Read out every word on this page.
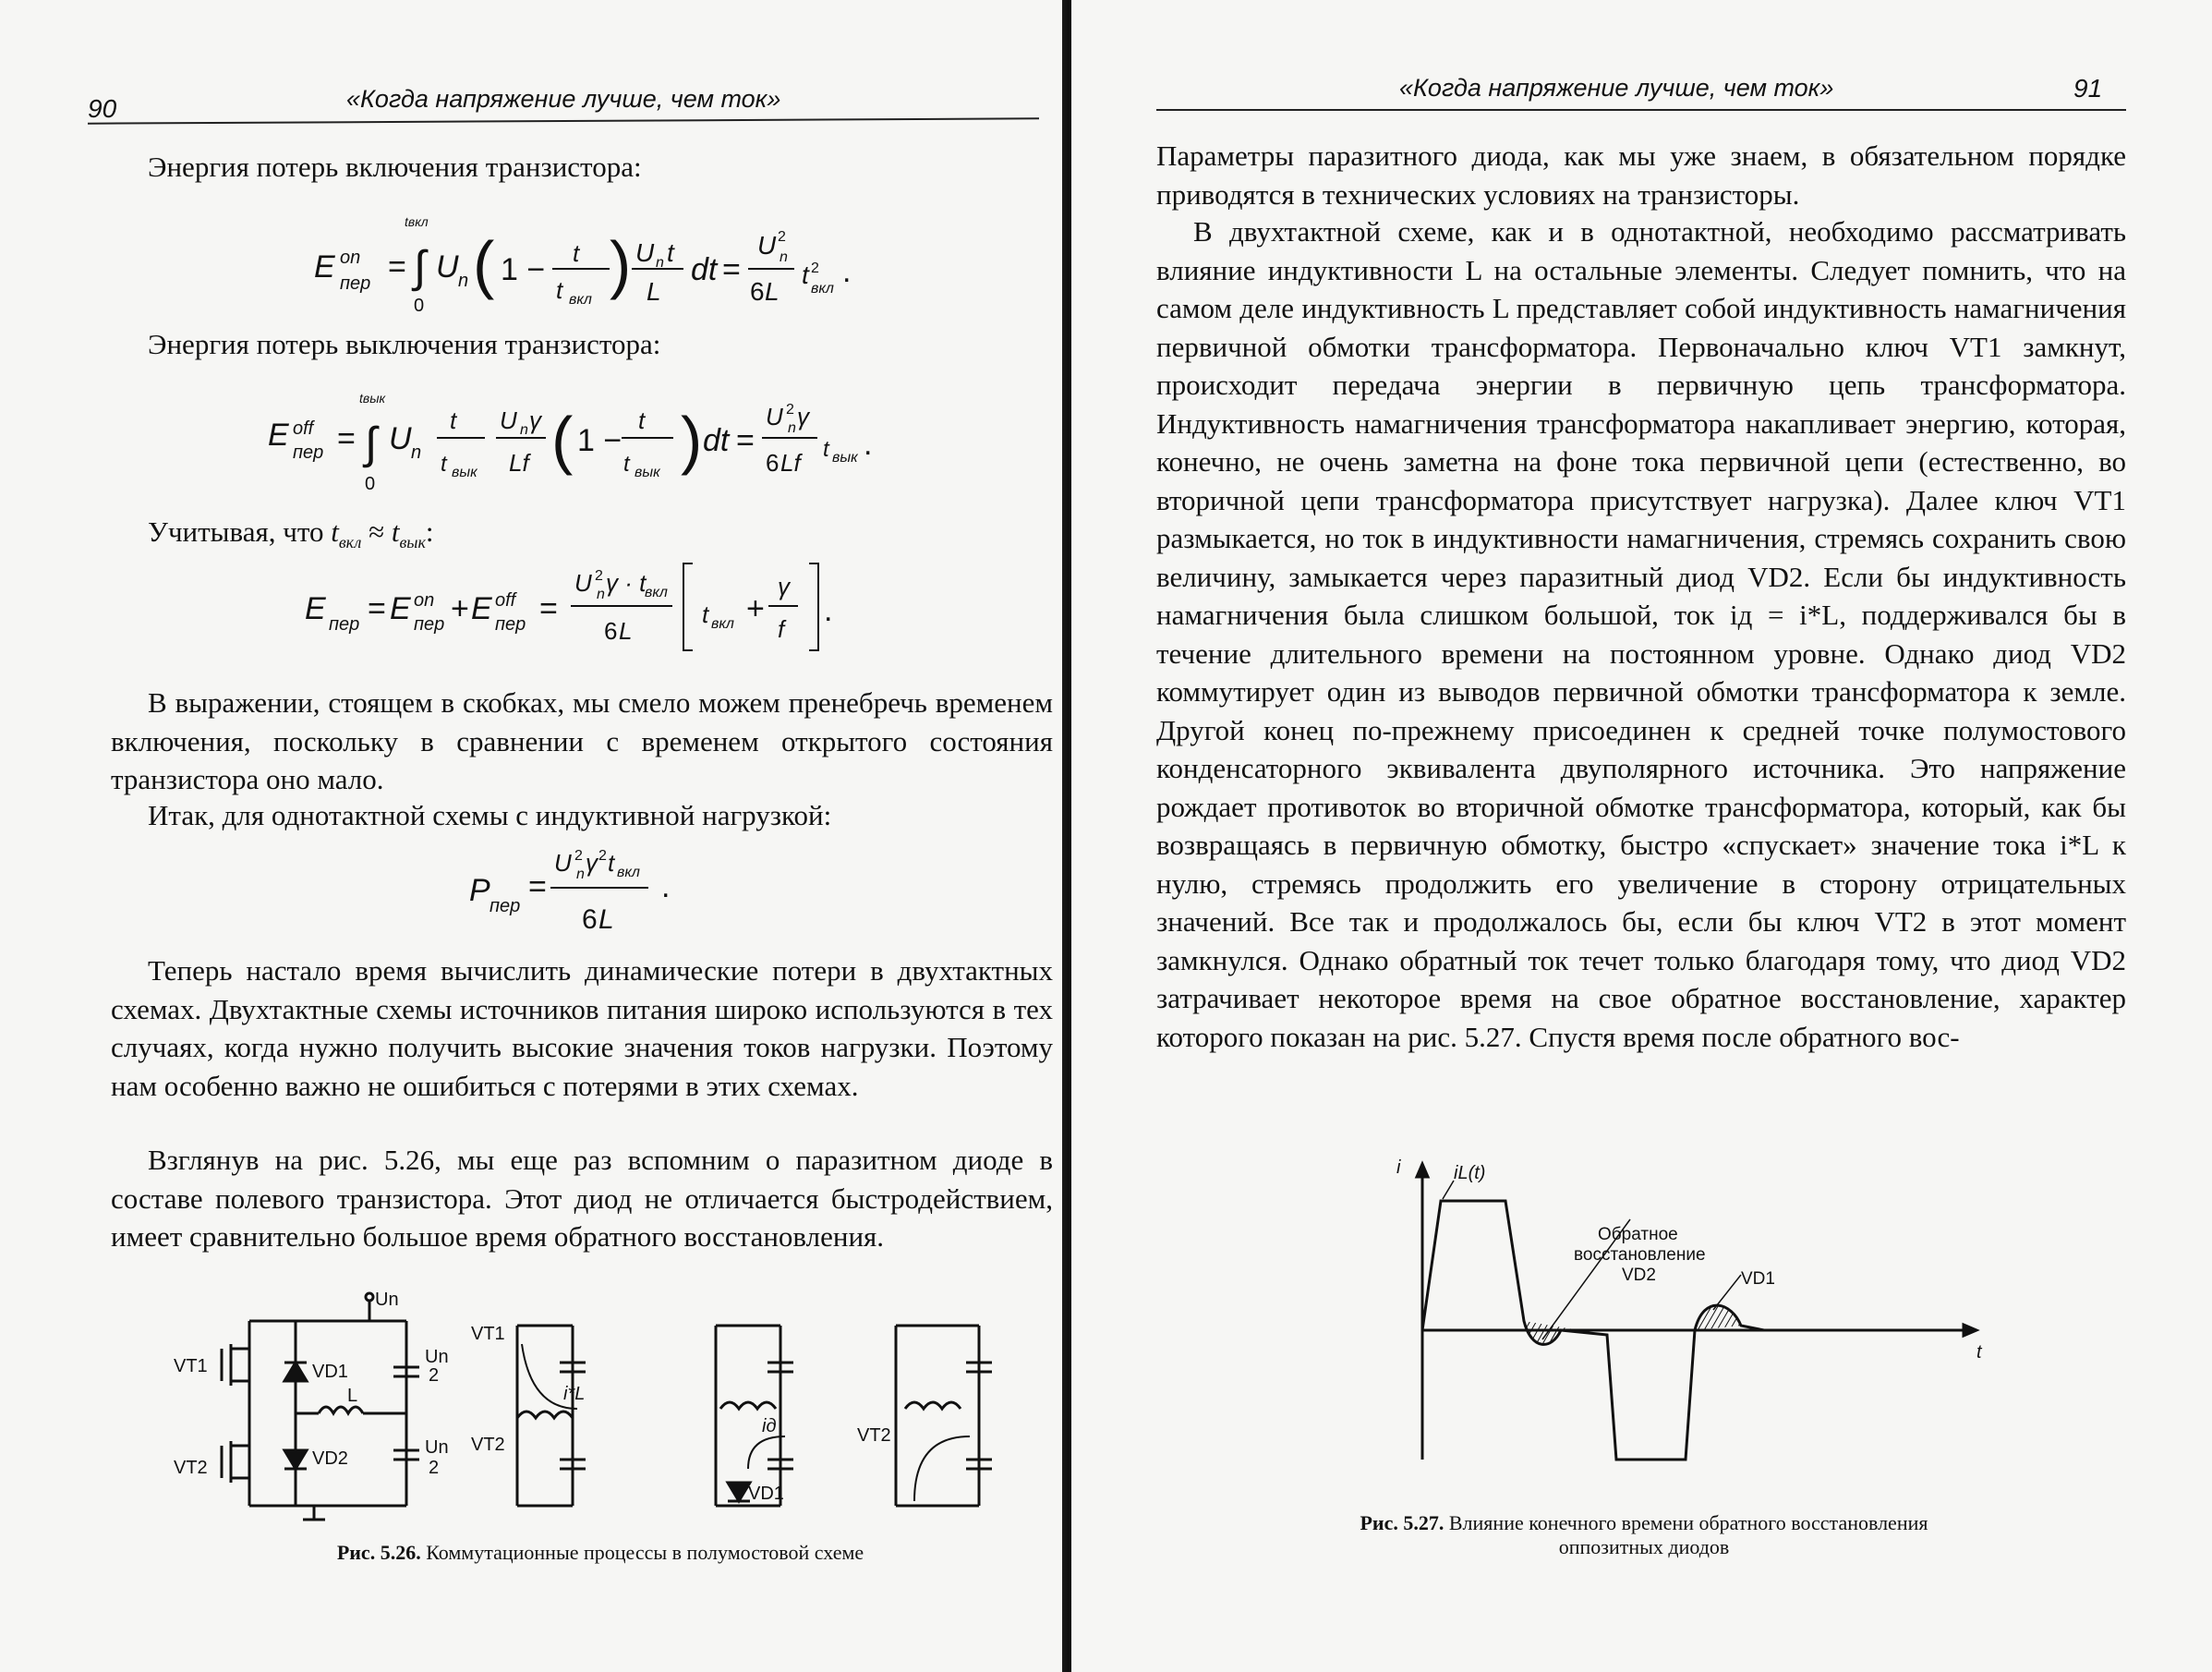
90	«Когда напряжение лучше, чем ток»
Энергия потерь включения транзистора:
E on
пер = ∫
tвкл
0
U n ( 1 − t
t вкл ) U n t
L
dt =
U 2
n
6 L
t 2
вкл .
Энергия потерь выключения транзистора:
E off
пер = ∫
tвык
0
U n
t
t вык
U n γ
Lf ( 1 −
t
t вык ) dt =
U 2
n γ
6 Lf t вык .
Учитывая, что $t_{вкл} \approx t_{вык}$:
E пер = E on
пер + E off
пер =
U 2
n γ · t
вкл
6 L
t вкл +
γ
f
.
В выражении, стоящем в скобках, мы смело можем пренебречь временем включения, поскольку в сравнении с временем открытого состояния транзистора оно мало.
Итак, для однотактной схемы с индуктивной нагрузкой:
P пер
=
U 2
n γ 2 t вкл
6 L
.
Теперь настало время вычислить динамические потери в двухтактных схемах. Двухтактные схемы источников питания широко используются в тех случаях, когда нужно получить высокие значения токов нагрузки. Поэтому нам особенно важно не ошибиться с потерями в этих схемах.
Взглянув на рис. 5.26, мы еще раз вспомним о паразитном диоде в составе полевого транзистора. Этот диод не отличается быстродействием, имеет сравнительно большое время обратного восстановления.
Un
VT1
VT2
VD1
VD2
L
Un
2
Un
2
VT1
VT2
i*L
iд
VD1
VT2
Рис. 5.26. Коммутационные процессы в полумостовой схеме
«Когда напряжение лучше, чем ток»	91
Параметры паразитного диода, как мы уже знаем, в обязательном порядке приводятся в технических условиях на транзисторы.
В двухтактной схеме, как и в однотактной, необходимо рассматривать влияние индуктивности L на остальные элементы. Следует помнить, что на самом деле индуктивность L представляет собой индуктивность намагничения первичной обмотки трансформатора. Первоначально ключ VT1 замкнут, происходит передача энергии в первичную цепь трансформатора. Индуктивность намагничения трансформатора накапливает энергию, которая, конечно, не очень заметна на фоне тока первичной цепи (естественно, во вторичной цепи трансформатора присутствует нагрузка). Далее ключ VT1 размыкается, но ток в индуктивности намагничения, стремясь сохранить свою величину, замыкается через паразитный диод VD2. Если бы индуктивность намагничения была слишком большой, ток iд = i*L, поддерживался бы в течение длительного времени на постоянном уровне. Однако диод VD2 коммутирует один из выводов первичной обмотки трансформатора к земле. Другой конец по-прежнему присоединен к средней точке полумостового конденсаторного эквивалента двуполярного источника. Это напряжение рождает противоток во вторичной обмотке трансформатора, который, как бы возвращаясь в первичную обмотку, быстро «спускает» значение тока i*L к нулю, стремясь продолжить его увеличение в сторону отрицательных значений. Все так и продолжалось бы, если бы ключ VT2 в этот момент замкнулся. Однако обратный ток течет только благодаря тому, что диод VD2 затрачивает некоторое время на свое обратное восстановление, характер которого показан на рис. 5.27. Спустя время после обратного вос-
i
t
iL(t)
Обратное
восстановление
VD2	VD1
Рис. 5.27. Влияние конечного времени обратного восстановления
оппозитных диодов
